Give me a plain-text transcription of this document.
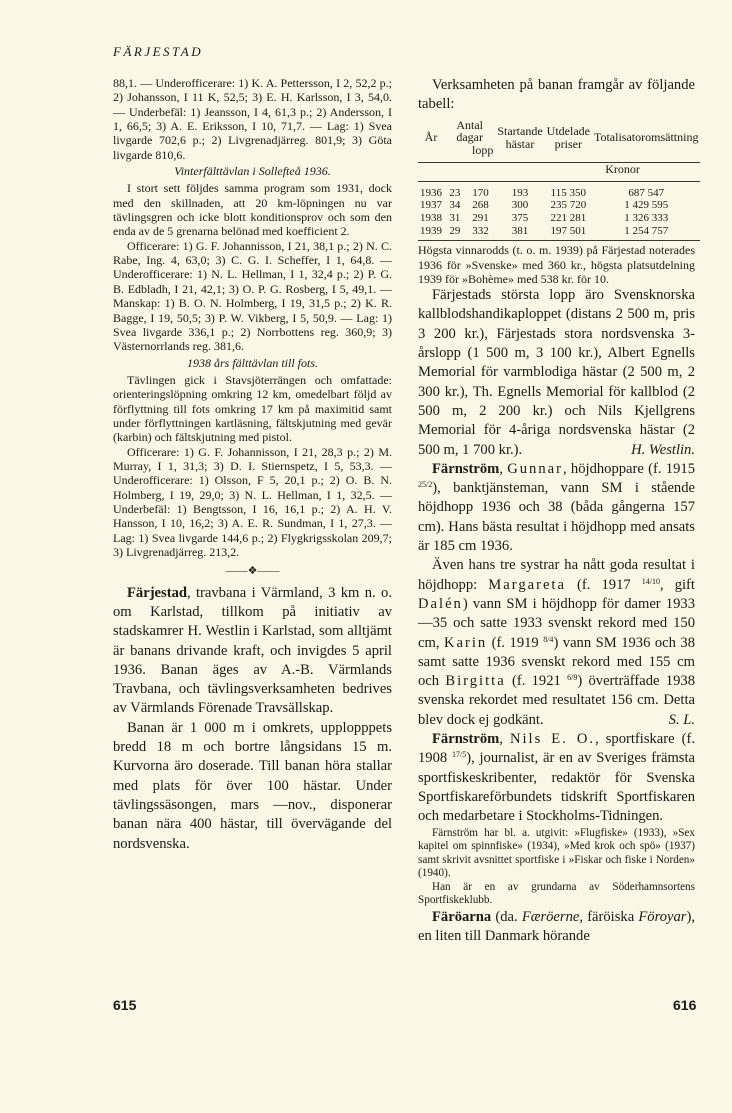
FÄRJESTAD

88,1. — Underofficerare: 1) K. A. Pettersson, I 2, 52,2 p.; 2) Johansson, I 11 K, 52,5; 3) E. H. Karlsson, I 3, 54,0. — Underbefäl: 1) Jeansson, I 4, 61,3 p.; 2) Andersson, I 1, 66,5; 3) A. E. Eriksson, I 10, 71,7. — Lag: 1) Svea livgarde 702,6 p.; 2) Livgrenadjärreg. 801,9; 3) Göta livgarde 810,6.

Vinterfälttävlan i Sollefteå 1936.

I stort sett följdes samma program som 1931, dock med den skillnaden, att 20 km-löpningen nu var tävlingsgren och icke blott konditionsprov och som den enda av de 5 grenarna belönad med koefficient 2.

Officerare: 1) G. F. Johannisson, I 21, 38,1 p.; 2) N. C. Rabe, Ing. 4, 63,0; 3) C. G. I. Scheffer, I 1, 64,8. — Underofficerare: 1) N. L. Hellman, I 1, 32,4 p.; 2) P. G. B. Edbladh, I 21, 42,1; 3) O. P. G. Rosberg, I 5, 49,1. — Manskap: 1) B. O. N. Holmberg, I 19, 31,5 p.; 2) K. R. Bagge, I 19, 50,5; 3) P. W. Vikberg, I 5, 50,9. — Lag: 1) Svea livgarde 336,1 p.; 2) Norrbottens reg. 360,9; 3) Västernorrlands reg. 381,6.

1938 års fälttävlan till fots.

Tävlingen gick i Stavsjöterrängen och omfattade: orienteringslöpning omkring 12 km, omedelbart följd av förflyttning till fots omkring 17 km på maximitid samt under förflyttningen kartläsning, fältskjutning med gevär (karbin) och fältskjutning med pistol.

Officerare: 1) G. F. Johannisson, I 21, 28,3 p.; 2) M. Murray, I 1, 31,3; 3) D. I. Stiernspetz, I 5, 53,3. — Underofficerare: 1) Olsson, F 5, 20,1 p.; 2) O. B. N. Holmberg, I 19, 29,0; 3) N. L. Hellman, I 1, 32,5. — Underbefäl: 1) Bengtsson, I 16, 16,1 p.; 2) A. H. V. Hansson, I 10, 16,2; 3) A. E. R. Sundman, I 1, 27,3. — Lag: 1) Svea livgarde 144,6 p.; 2) Flygkrigsskolan 209,7; 3) Livgrenadjärreg. 213,2.

——❖——

Färjestad, travbana i Värmland, 3 km n. o. om Karlstad, tillkom på initiativ av stadskamrer H. Westlin i Karlstad, som alltjämt är banans drivande kraft, och invigdes 5 april 1936. Banan äges av A.-B. Värmlands Travbana, och tävlingsverksamheten bedrives av Värmlands Förenade Travsällskap.

Banan är 1 000 m i omkrets, upplopppets bredd 18 m och bortre långsidans 15 m. Kurvorna äro doserade. Till banan höra stallar med plats för över 100 hästar. Under tävlingssäsongen, mars —nov., disponerar banan nära 400 hästar, till övervägande del nordsvenska.

Verksamheten på banan framgår av följande tabell:

År	Antal dagar
lopp		Startande hästar	Utdelade priser	Totalisatoromsättning
				Kronor	
1936	23	170	193	115 350	687 547
1937	34	268	300	235 720	1 429 595
1938	31	291	375	221 281	1 326 333
1939	29	332	381	197 501	1 254 757

Högsta vinnarodds (t. o. m. 1939) på Färjestad noterades 1936 för »Svenske» med 360 kr., högsta platsutdelning 1939 för »Bohème» med 538 kr. för 10.

Färjestads största lopp äro Svensknorska kallblodshandikaploppet (distans 2 500 m, pris 3 200 kr.), Färjestads stora nordsvenska 3-årslopp (1 500 m, 3 100 kr.), Albert Egnells Memorial för varmblodiga hästar (2 500 m, 2 300 kr.), Th. Egnells Memorial för kallblod (2 500 m, 2 200 kr.) och Nils Kjellgrens Memorial för 4-åriga nordsvenska hästar (2 500 m, 1 700 kr.).	H. Westlin.

Färnström, Gunnar, höjdhoppare (f. 1915 $^{25/2}$), banktjänsteman, vann SM i stående höjdhopp 1936 och 38 (båda gångerna 157 cm). Hans bästa resultat i höjdhopp med ansats är 185 cm 1936.

Även hans tre systrar ha nått goda resultat i höjdhopp: Margareta (f. 1917 $^{14/10}$, gift Dalén) vann SM i höjdhopp för damer 1933—35 och satte 1933 svenskt rekord med 150 cm, Karin (f. 1919 $^{8/4}$) vann SM 1936 och 38 samt satte 1936 svenskt rekord med 155 cm och Birgitta (f. 1921 $^{6/9}$) överträffade 1938 svenska rekordet med resultatet 156 cm. Detta blev dock ej godkänt.	S. L.

Färnström, Nils E. O., sportfiskare (f. 1908 $^{17/5}$), journalist, är en av Sveriges främsta sportfiskeskribenter, redaktör för Svenska Sportfiskareförbundets tidskrift Sportfiskaren och medarbetare i Stockholms-Tidningen.

Färnström har bl. a. utgivit: »Flugfiske» (1933), »Sex kapitel om spinnfiske» (1934), »Med krok och spö» (1937) samt skrivit avsnittet sportfiske i »Fiskar och fiske i Norden» (1940).

Han är en av grundarna av Söderhamnsortens Sportfiskeklubb.

Färöarna (da. Færöerne, färöiska Föroyar), en liten till Danmark hörande

615	616
